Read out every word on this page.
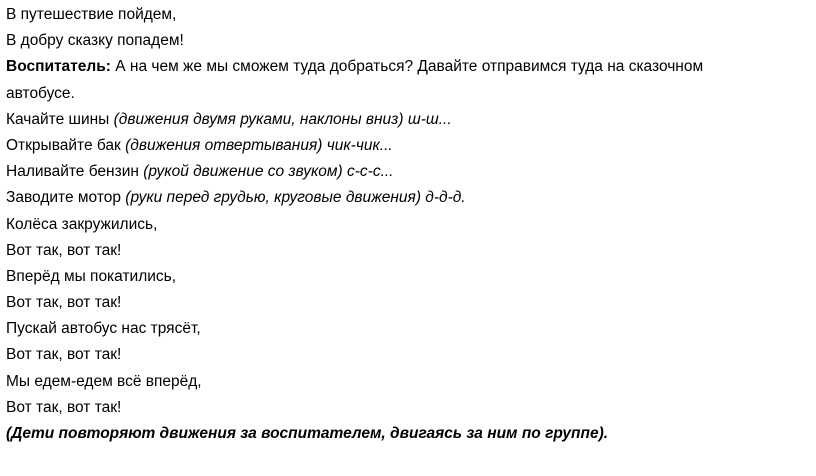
В путешествие пойдем,
В добру сказку попадем!
Воспитатель: А на чем же мы сможем туда добраться? Давайте отправимся туда на сказочном
автобусе.
Качайте шины (движения двумя руками, наклоны вниз) ш-ш...
Открывайте бак (движения отвертывания) чик-чик...
Наливайте бензин (рукой движение со звуком) с-с-с...
Заводите мотор (руки перед грудью, круговые движения) д-д-д.
Колёса закружились,
Вот так, вот так!
Вперёд мы покатились,
Вот так, вот так!
Пускай автобус нас трясёт,
Вот так, вот так!
Мы едем-едем всё вперёд,
Вот так, вот так!
(Дети повторяют движения за воспитателем, двигаясь за ним по группе).
